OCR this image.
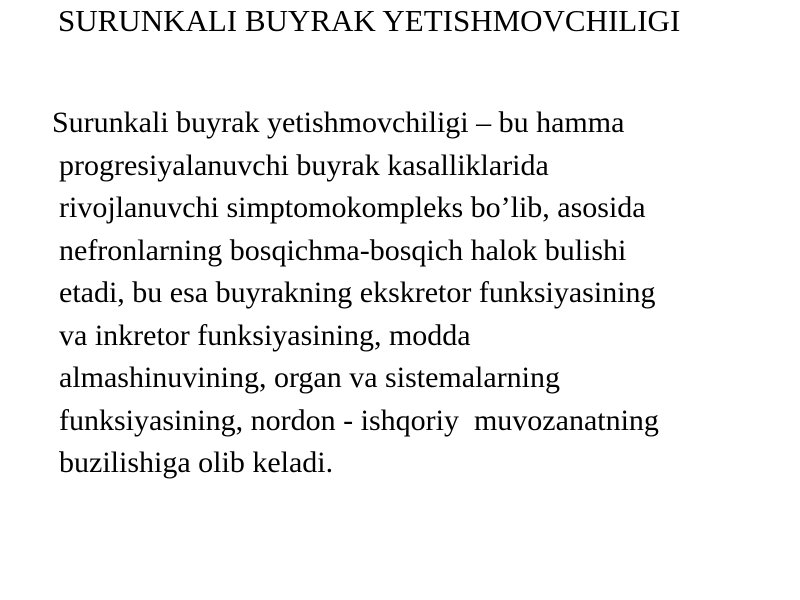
SURUNKALI BUYRAK YETISHMOVCHILIGI
Surunkali buyrak yetishmovchiligi – bu hamma
progresiyalanuvchi buyrak kasalliklarida
rivojlanuvchi simptomokompleks bo’lib, asosida
nefronlarning bosqichma-bosqich halok bulishi
etadi, bu esa buyrakning ekskretor funksiyasining
va inkretor funksiyasining, modda
almashinuvining, organ va sistemalarning
funksiyasining, nordon - ishqoriy  muvozanatning
buzilishiga olib keladi.
